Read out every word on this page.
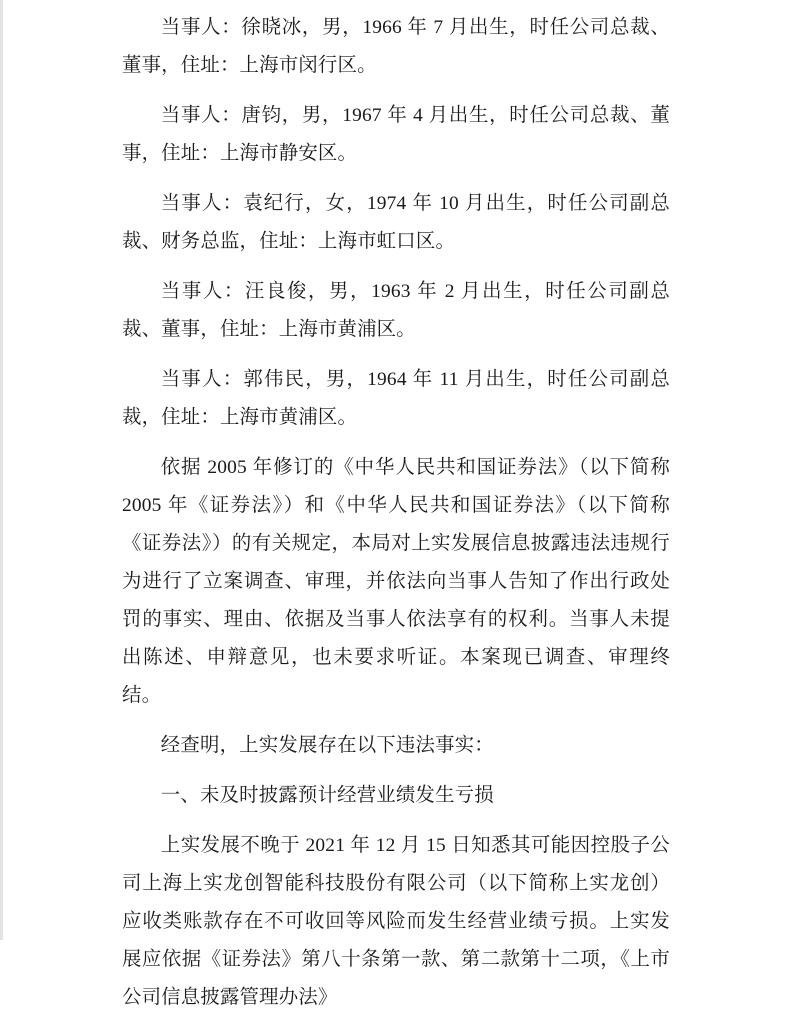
当事人：徐晓冰，男，1966 年 7 月出生，时任公司总裁、董事，住址：上海市闵行区。

当事人：唐钧，男，1967 年 4 月出生，时任公司总裁、董事，住址：上海市静安区。

当事人：袁纪行，女，1974 年 10 月出生，时任公司副总裁、财务总监，住址：上海市虹口区。

当事人：汪良俊，男，1963 年 2 月出生，时任公司副总裁、董事，住址：上海市黄浦区。

当事人：郭伟民，男，1964 年 11 月出生，时任公司副总裁，住址：上海市黄浦区。

依据 2005 年修订的《中华人民共和国证券法》（以下简称 2005 年《证券法》）和《中华人民共和国证券法》（以下简称《证券法》）的有关规定，本局对上实发展信息披露违法违规行为进行了立案调查、审理，并依法向当事人告知了作出行政处罚的事实、理由、依据及当事人依法享有的权利。当事人未提出陈述、申辩意见，也未要求听证。本案现已调查、审理终结。

经查明，上实发展存在以下违法事实：

一、未及时披露预计经营业绩发生亏损

上实发展不晚于 2021 年 12 月 15 日知悉其可能因控股子公司上海上实龙创智能科技股份有限公司（以下简称上实龙创）应收类账款存在不可收回等风险而发生经营业绩亏损。上实发展应依据《证券法》第八十条第一款、第二款第十二项，《上市公司信息披露管理办法》
